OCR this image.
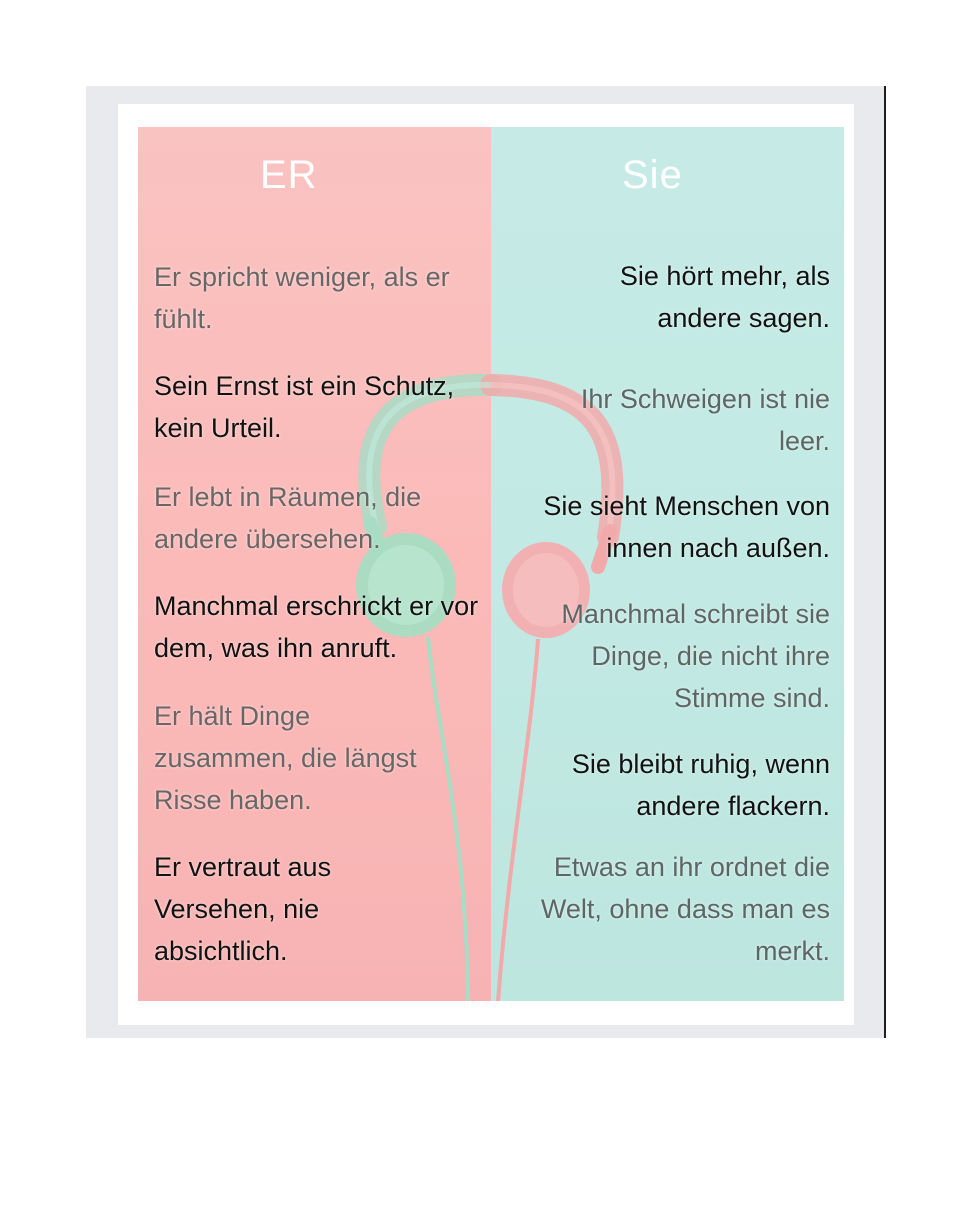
ER	Sie

Er spricht weniger, als er fühlt.

Sein Ernst ist ein Schutz, kein Urteil.

Er lebt in Räumen, die andere übersehen.

Manchmal erschrickt er vor dem, was ihn anruft.

Er hält Dinge zusammen, die längst Risse haben.

Er vertraut aus Versehen, nie absichtlich.

Sie hört mehr, als andere sagen.

Ihr Schweigen ist nie leer.

Sie sieht Menschen von innen nach außen.

Manchmal schreibt sie Dinge, die nicht ihre Stimme sind.

Sie bleibt ruhig, wenn andere flackern.

Etwas an ihr ordnet die Welt, ohne dass man es merkt.
